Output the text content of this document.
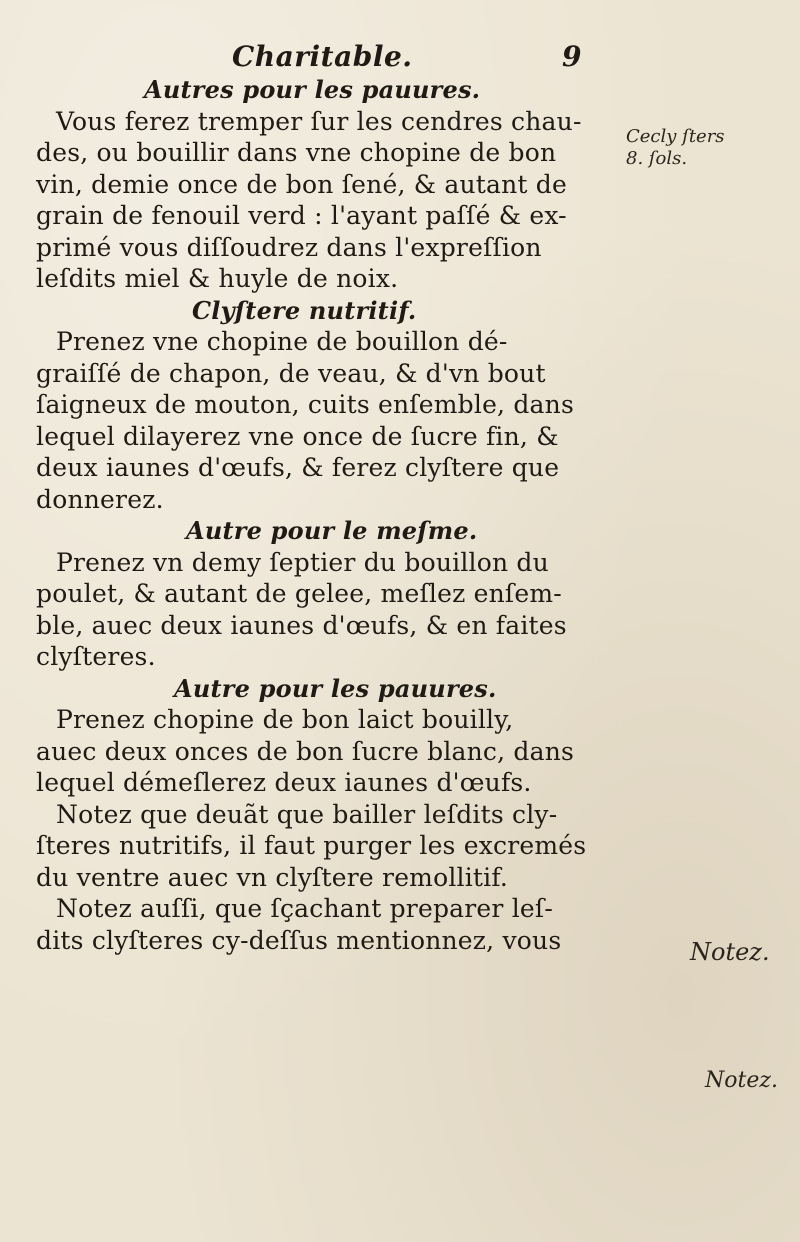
Charitable.	9
Autres pour les pauures.
Vous ferez tremper ſur les cendres chau-
des, ou bouillir dans vne chopine de bon
vin, demie once de bon ſené, & autant de
grain de fenouil verd : l'ayant paſſé & ex-
primé vous diſſoudrez dans l'expreſſion
leſdits miel & huyle de noix.
Clyſtere nutritif.
Prenez vne chopine de bouillon dé-
graiſſé de chapon, de veau, & d'vn bout
ſaigneux de mouton, cuits enſemble, dans
lequel dilayerez vne once de ſucre fin, &
deux iaunes d'œufs, & ferez clyſtere que
donnerez.
Autre pour le meſme.
Prenez vn demy ſeptier du bouillon du
poulet, & autant de gelee, meſlez enſem-
ble, auec deux iaunes d'œufs, & en faites
clyſteres.
Autre pour les pauures.
Prenez chopine de bon laict bouilly,
auec deux onces de bon ſucre blanc, dans
lequel démeſlerez deux iaunes d'œufs.
Notez que deuãt que bailler leſdits cly-
ſteres nutritifs, il faut purger les excremés
du ventre auec vn clyſtere remollitif.
Notez auſſi, que ſçachant preparer leſ-
dits clyſteres cy-deſſus mentionnez, vous
Cecly ſters
8. ſols.
Notez.
Notez.
